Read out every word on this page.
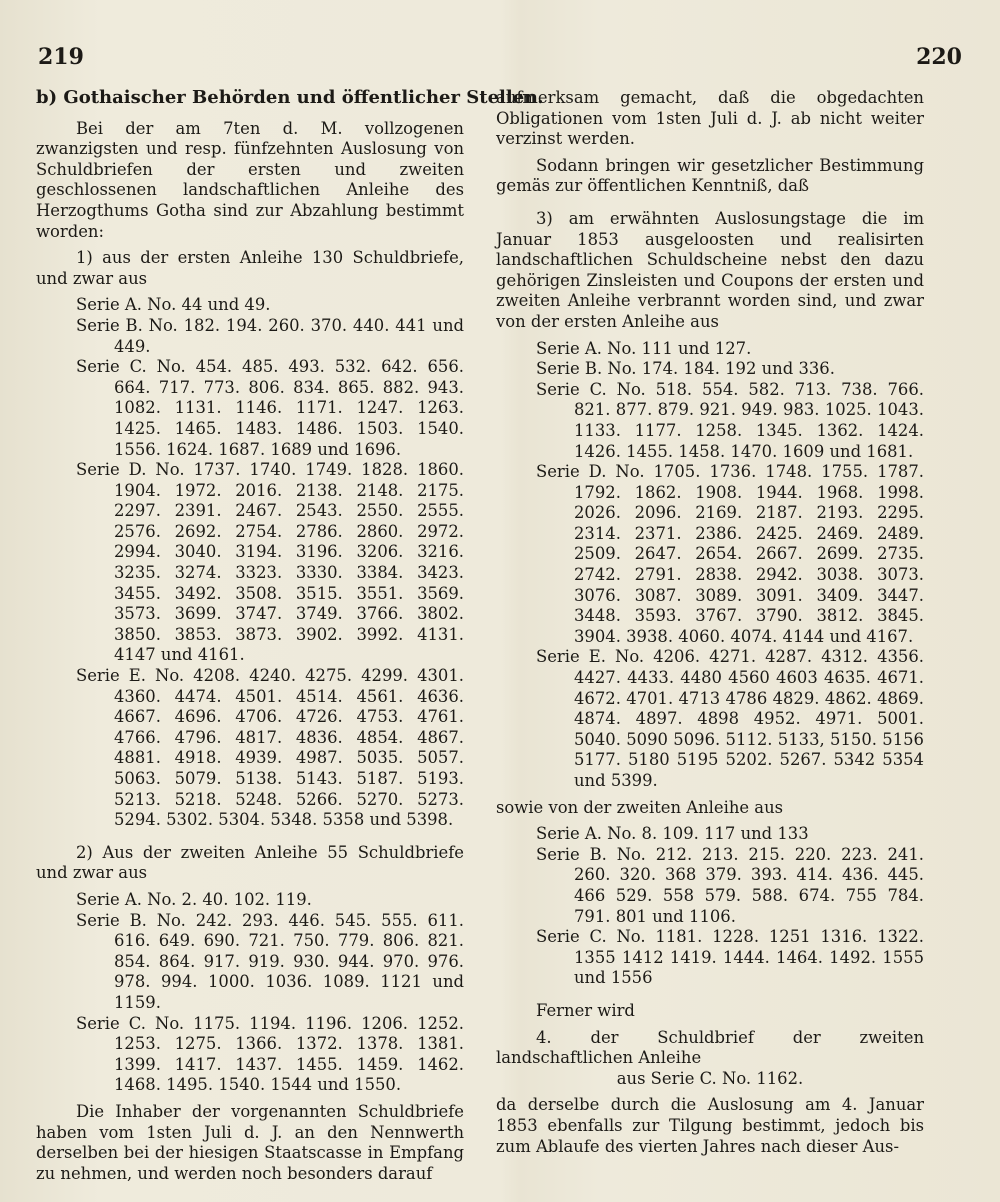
219	220
b) Gothaischer Behörden und öffentlicher Stellen.

Bei der am 7ten d. M. vollzogenen zwanzigsten und resp. fünfzehnten Auslosung von Schuldbriefen der ersten und zweiten geschlossenen landschaftlichen Anleihe des Herzogthums Gotha sind zur Abzahlung bestimmt worden:

1) aus der ersten Anleihe 130 Schuldbriefe, und zwar aus

Serie A. No. 44 und 49.

Serie B. No. 182. 194. 260. 370. 440. 441 und 449.

Serie C. No. 454. 485. 493. 532. 642. 656. 664. 717. 773. 806. 834. 865. 882. 943. 1082. 1131. 1146. 1171. 1247. 1263. 1425. 1465. 1483. 1486. 1503. 1540. 1556. 1624. 1687. 1689 und 1696.

Serie D. No. 1737. 1740. 1749. 1828. 1860. 1904. 1972. 2016. 2138. 2148. 2175. 2297. 2391. 2467. 2543. 2550. 2555. 2576. 2692. 2754. 2786. 2860. 2972. 2994. 3040. 3194. 3196. 3206. 3216. 3235. 3274. 3323. 3330. 3384. 3423. 3455. 3492. 3508. 3515. 3551. 3569. 3573. 3699. 3747. 3749. 3766. 3802. 3850. 3853. 3873. 3902. 3992. 4131. 4147 und 4161.

Serie E. No. 4208. 4240. 4275. 4299. 4301. 4360. 4474. 4501. 4514. 4561. 4636. 4667. 4696. 4706. 4726. 4753. 4761. 4766. 4796. 4817. 4836. 4854. 4867. 4881. 4918. 4939. 4987. 5035. 5057. 5063. 5079. 5138. 5143. 5187. 5193. 5213. 5218. 5248. 5266. 5270. 5273. 5294. 5302. 5304. 5348. 5358 und 5398.

2) Aus der zweiten Anleihe 55 Schuldbriefe und zwar aus

Serie A. No. 2. 40. 102. 119.

Serie B. No. 242. 293. 446. 545. 555. 611. 616. 649. 690. 721. 750. 779. 806. 821. 854. 864. 917. 919. 930. 944. 970. 976. 978. 994. 1000. 1036. 1089. 1121 und 1159.

Serie C. No. 1175. 1194. 1196. 1206. 1252. 1253. 1275. 1366. 1372. 1378. 1381. 1399. 1417. 1437. 1455. 1459. 1462. 1468. 1495. 1540. 1544 und 1550.

Die Inhaber der vorgenannten Schuldbriefe haben vom 1sten Juli d. J. an den Nennwerth derselben bei der hiesigen Staatscasse in Empfang zu nehmen, und werden noch besonders darauf

aufmerksam gemacht, daß die obgedachten Obligationen vom 1sten Juli d. J. ab nicht weiter verzinst werden.

Sodann bringen wir gesetzlicher Bestimmung gemäs zur öffentlichen Kenntniß, daß

3) am erwähnten Auslosungstage die im Januar 1853 ausgeloosten und realisirten landschaftlichen Schuldscheine nebst den dazu gehörigen Zinsleisten und Coupons der ersten und zweiten Anleihe verbrannt worden sind, und zwar von der ersten Anleihe aus

Serie A. No. 111 und 127.

Serie B. No. 174. 184. 192 und 336.

Serie C. No. 518. 554. 582. 713. 738. 766. 821. 877. 879. 921. 949. 983. 1025. 1043. 1133. 1177. 1258. 1345. 1362. 1424. 1426. 1455. 1458. 1470. 1609 und 1681.

Serie D. No. 1705. 1736. 1748. 1755. 1787. 1792. 1862. 1908. 1944. 1968. 1998. 2026. 2096. 2169. 2187. 2193. 2295. 2314. 2371. 2386. 2425. 2469. 2489. 2509. 2647. 2654. 2667. 2699. 2735. 2742. 2791. 2838. 2942. 3038. 3073. 3076. 3087. 3089. 3091. 3409. 3447. 3448. 3593. 3767. 3790. 3812. 3845. 3904. 3938. 4060. 4074. 4144 und 4167.

Serie E. No. 4206. 4271. 4287. 4312. 4356. 4427. 4433. 4480 4560 4603 4635. 4671. 4672. 4701. 4713 4786 4829. 4862. 4869. 4874. 4897. 4898 4952. 4971. 5001. 5040. 5090 5096. 5112. 5133, 5150. 5156 5177. 5180 5195 5202. 5267. 5342 5354 und 5399.

sowie von der zweiten Anleihe aus

Serie A. No. 8. 109. 117 und 133

Serie B. No. 212. 213. 215. 220. 223. 241. 260. 320. 368 379. 393. 414. 436. 445. 466 529. 558 579. 588. 674. 755 784. 791. 801 und 1106.

Serie C. No. 1181. 1228. 1251 1316. 1322. 1355 1412 1419. 1444. 1464. 1492. 1555 und 1556

Ferner wird

4. der Schuldbrief der zweiten landschaftlichen Anleihe

aus Serie C. No. 1162.

da derselbe durch die Auslosung am 4. Januar 1853 ebenfalls zur Tilgung bestimmt, jedoch bis zum Ablaufe des vierten Jahres nach dieser Aus-
